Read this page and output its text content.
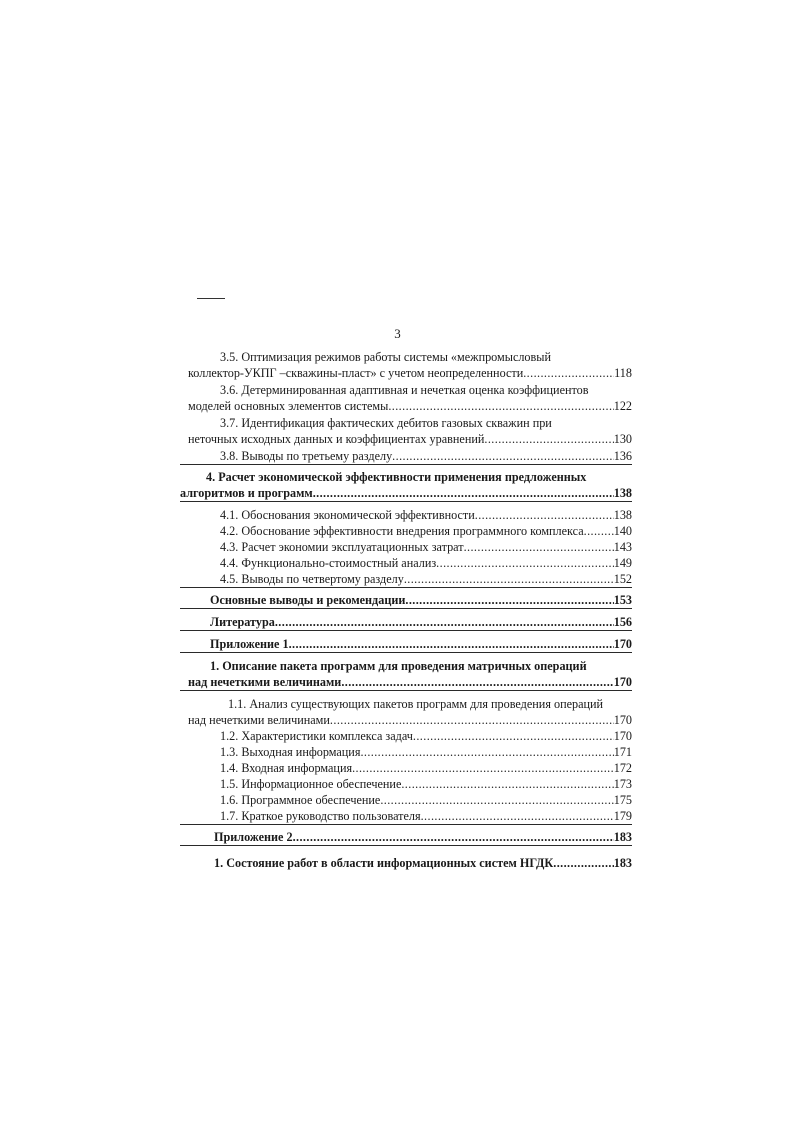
3
3.5. Оптимизация режимов работы системы «межпромысловый
коллектор-УКПГ –скважины-пласт» с учетом неопределенности .....	118
3.6. Детерминированная адаптивная и нечеткая оценка коэффициентов
моделей основных элементов системы .....	122
3.7. Идентификация фактических дебитов газовых скважин при
неточных исходных данных и коэффициентах уравнений .....	130
3.8. Выводы по третьему разделу .....	136
4. Расчет экономической эффективности применения предложенных
алгоритмов и программ .....	138
4.1. Обоснования экономической эффективности .....	138
4.2. Обоснование эффективности внедрения программного комплекса ..... 140
4.3. Расчет экономии эксплуатационных затрат .....	143
4.4. Функционально-стоимостный анализ .....	149
4.5. Выводы по четвертому разделу .....	152
Основные выводы и рекомендации .....	153
Литература .....	156
Приложение 1 .....	170
1. Описание пакета программ для проведения матричных операций
над нечеткими величинами .....	170
1.1. Анализ существующих пакетов программ для проведения операций
над нечеткими величинами .....	170
1.2. Характеристики комплекса задач .....	170
1.3. Выходная информация .....	171
1.4. Входная информация .....	172
1.5. Информационное обеспечение .....	173
1.6. Программное обеспечение .....	175
1.7. Краткое руководство пользователя .....	179
Приложение 2 .....	183
1. Состояние работ в области информационных систем НГДК .....	183
